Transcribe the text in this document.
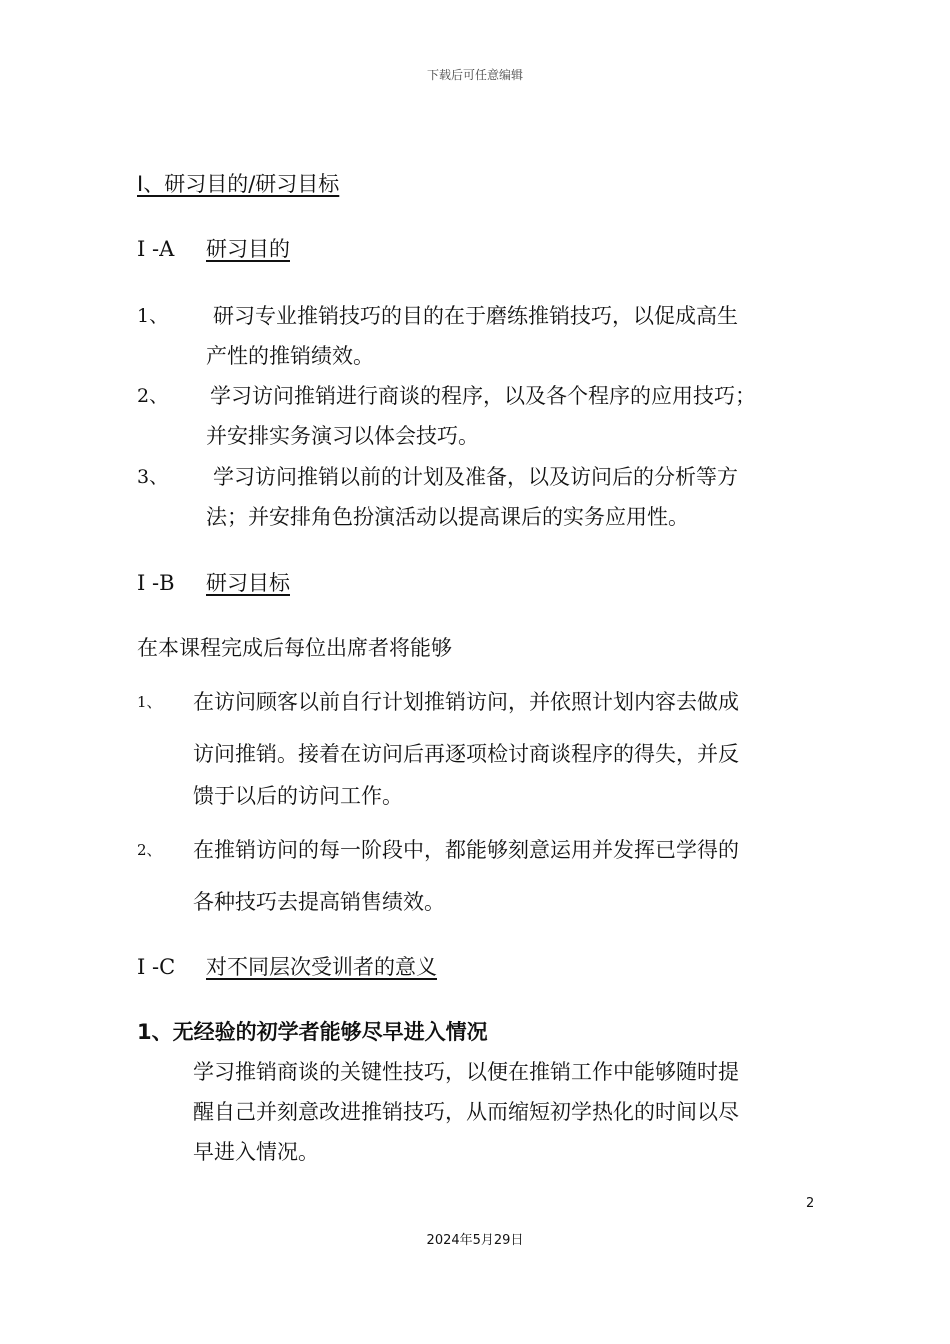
下载后可任意编辑
I、研习目的/研习目标
I -A 研习目的
1、 研习专业推销技巧的目的在于磨练推销技巧，以促成高生
产性的推销绩效。
2、 学习访问推销进行商谈的程序，以及各个程序的应用技巧；
并安排实务演习以体会技巧。
3、 学习访问推销以前的计划及准备，以及访问后的分析等方
法；并安排角色扮演活动以提高课后的实务应用性。
I -B 研习目标
在本课程完成后每位出席者将能够
1、 在访问顾客以前自行计划推销访问，并依照计划内容去做成
访问推销。接着在访问后再逐项检讨商谈程序的得失，并反
馈于以后的访问工作。
2、 在推销访问的每一阶段中，都能够刻意运用并发挥已学得的
各种技巧去提高销售绩效。
I -C 对不同层次受训者的意义
1、无经验的初学者能够尽早进入情况
学习推销商谈的关键性技巧，以便在推销工作中能够随时提
醒自己并刻意改进推销技巧，从而缩短初学热化的时间以尽
早进入情况。
2
2024年5月29日
